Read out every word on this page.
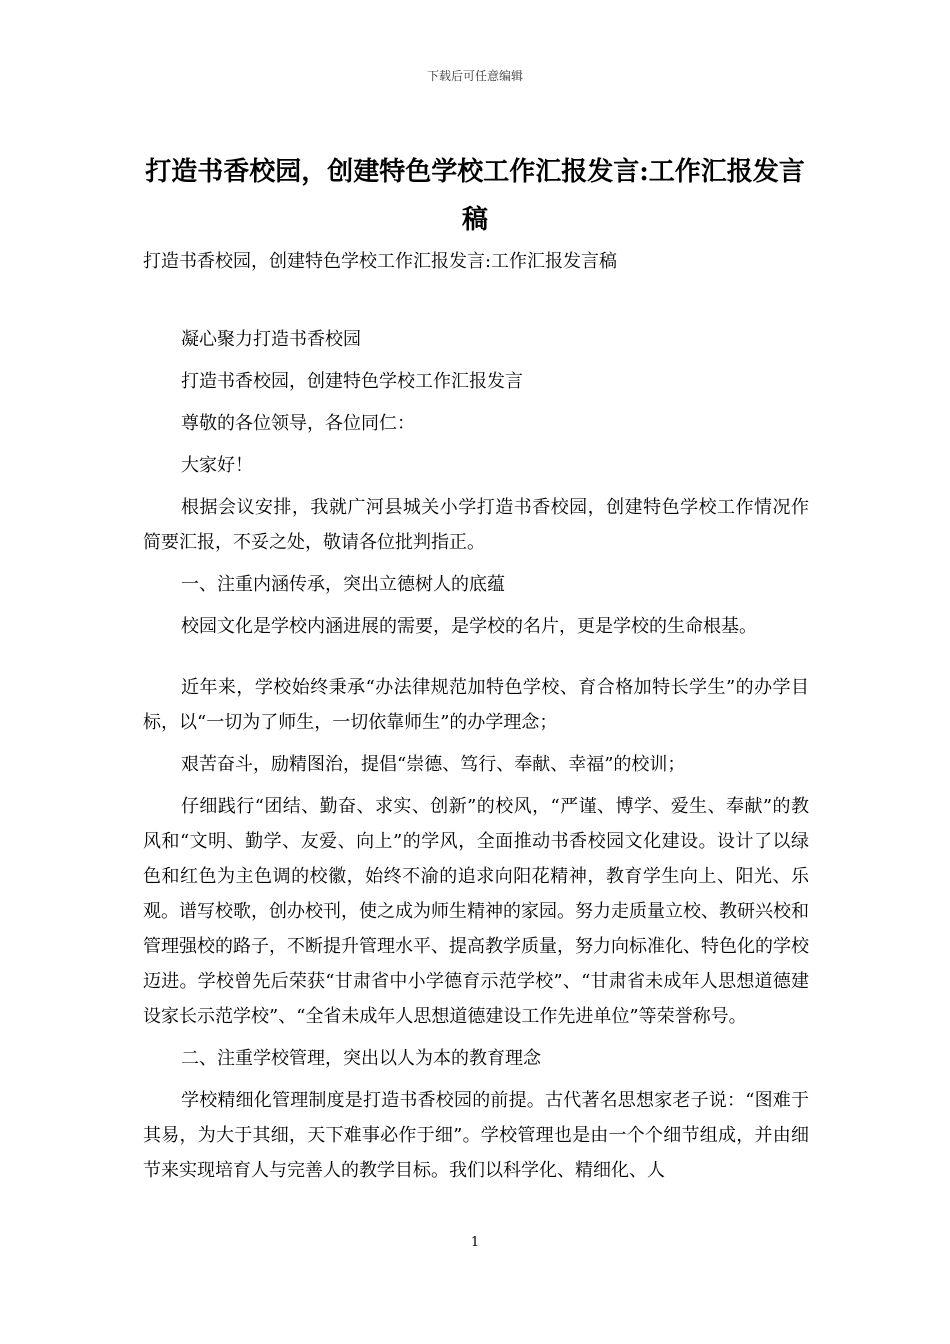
下载后可任意编辑
打造书香校园，创建特色学校工作汇报发言:工作汇报发言稿
打造书香校园，创建特色学校工作汇报发言:工作汇报发言稿

凝心聚力打造书香校园

打造书香校园，创建特色学校工作汇报发言

尊敬的各位领导，各位同仁：

大家好！

根据会议安排，我就广河县城关小学打造书香校园，创建特色学校工作情况作简要汇报，不妥之处，敬请各位批判指正。

一、注重内涵传承，突出立德树人的底蕴

校园文化是学校内涵进展的需要，是学校的名片，更是学校的生命根基。

近年来，学校始终秉承“办法律规范加特色学校、育合格加特长学生”的办学目标，以“一切为了师生，一切依靠师生”的办学理念；

艰苦奋斗，励精图治，提倡“崇德、笃行、奉献、幸福”的校训；

仔细践行“团结、勤奋、求实、创新”的校风，“严谨、博学、爱生、奉献”的教风和“文明、勤学、友爱、向上”的学风，全面推动书香校园文化建设。设计了以绿色和红色为主色调的校徽，始终不渝的追求向阳花精神，教育学生向上、阳光、乐观。谱写校歌，创办校刊，使之成为师生精神的家园。努力走质量立校、教研兴校和管理强校的路子，不断提升管理水平、提高教学质量，努力向标准化、特色化的学校迈进。学校曾先后荣获“甘肃省中小学德育示范学校”、“甘肃省未成年人思想道德建设家长示范学校”、“全省未成年人思想道德建设工作先进单位”等荣誉称号。

二、注重学校管理，突出以人为本的教育理念

学校精细化管理制度是打造书香校园的前提。古代著名思想家老子说：“图难于其易，为大于其细，天下难事必作于细”。学校管理也是由一个个细节组成，并由细节来实现培育人与完善人的教学目标。我们以科学化、精细化、人

1
